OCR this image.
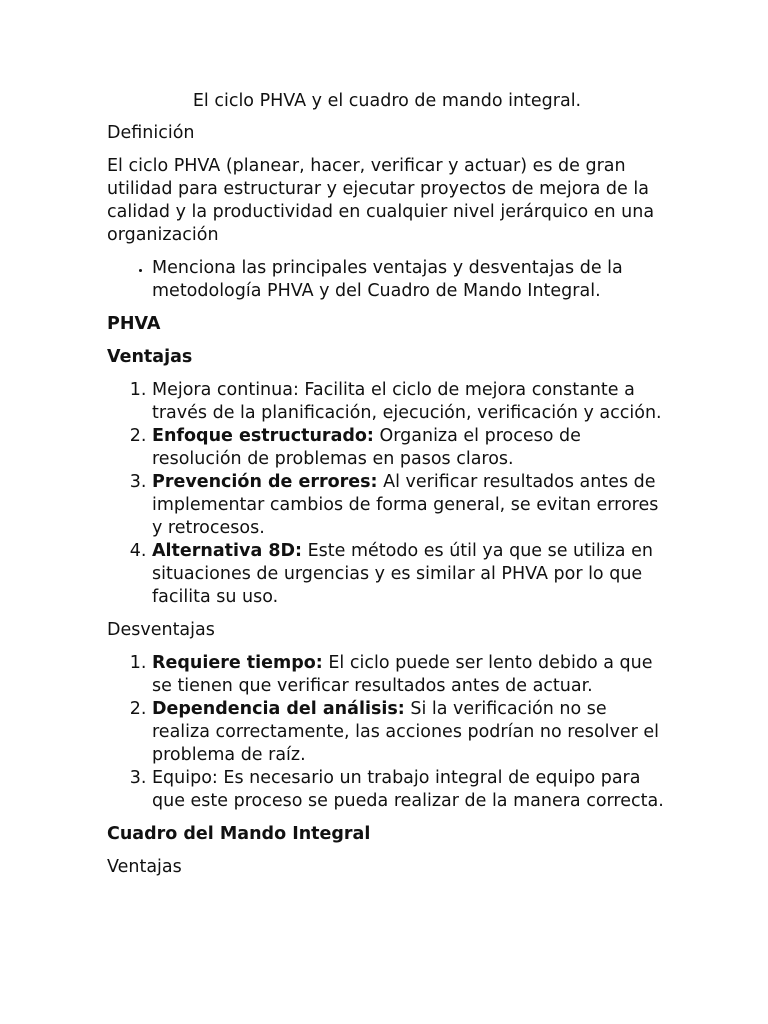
El ciclo PHVA y el cuadro de mando integral.

Definición

El ciclo PHVA (planear, hacer, verificar y actuar) es de gran utilidad para estructurar y ejecutar proyectos de mejora de la calidad y la productividad en cualquier nivel jerárquico en una organización

• Menciona las principales ventajas y desventajas de la metodología PHVA y del Cuadro de Mando Integral.
PHVA
Ventajas
1. Mejora continua: Facilita el ciclo de mejora constante a través de la planificación, ejecución, verificación y acción.
2. Enfoque estructurado: Organiza el proceso de resolución de problemas en pasos claros.
3. Prevención de errores: Al verificar resultados antes de implementar cambios de forma general, se evitan errores y retrocesos.
4. Alternativa 8D: Este método es útil ya que se utiliza en situaciones de urgencias y es similar al PHVA por lo que facilita su uso.

Desventajas

1. Requiere tiempo: El ciclo puede ser lento debido a que se tienen que verificar resultados antes de actuar.
2. Dependencia del análisis: Si la verificación no se realiza correctamente, las acciones podrían no resolver el problema de raíz.
3. Equipo: Es necesario un trabajo integral de equipo para que este proceso se pueda realizar de la manera correcta.
Cuadro del Mando Integral

Ventajas
